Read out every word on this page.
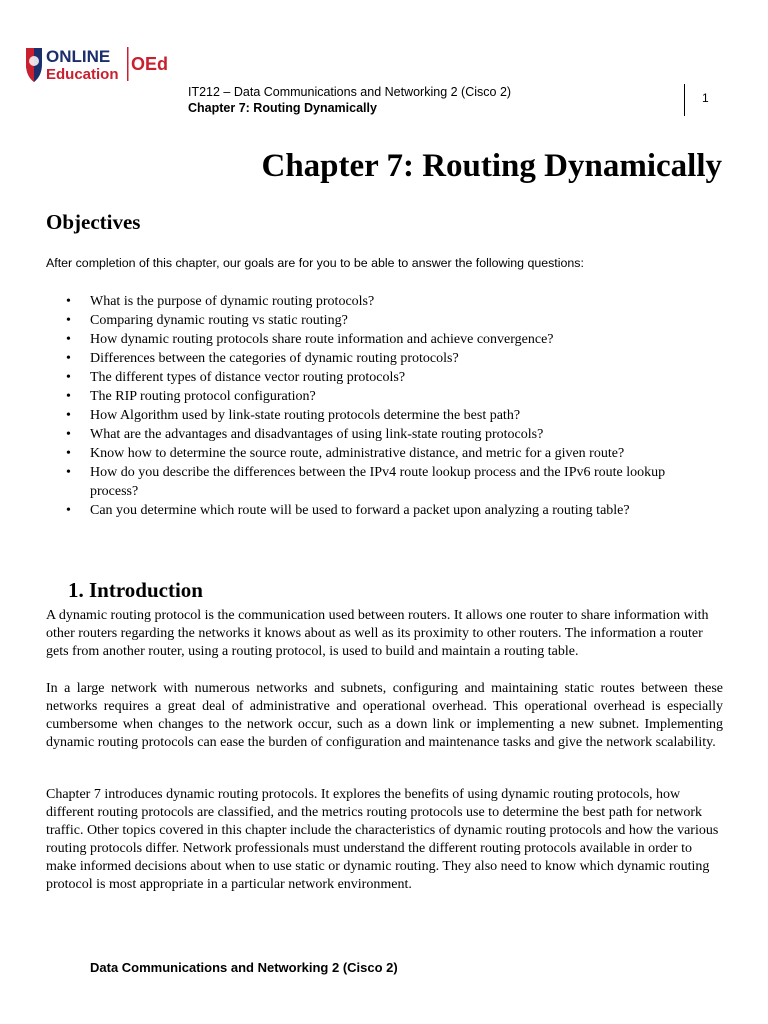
ONLINE
Education
OEd
IT212 – Data Communications and Networking 2 (Cisco 2)
Chapter 7: Routing Dynamically
1
Chapter 7: Routing Dynamically
Objectives
After completion of this chapter, our goals are for you to be able to answer the following questions:
• What is the purpose of dynamic routing protocols?
• Comparing dynamic routing vs static routing?
• How dynamic routing protocols share route information and achieve convergence?
• Differences between the categories of dynamic routing protocols?
• The different types of distance vector routing protocols?
• The RIP routing protocol configuration?
• How Algorithm used by link-state routing protocols determine the best path?
• What are the advantages and disadvantages of using link-state routing protocols?
• Know how to determine the source route, administrative distance, and metric for a given route?
• How do you describe the differences between the IPv4 route lookup process and the IPv6 route lookup process?
• Can you determine which route will be used to forward a packet upon analyzing a routing table?
1. Introduction

A dynamic routing protocol is the communication used between routers. It allows one router to share information with other routers regarding the networks it knows about as well as its proximity to other routers. The information a router gets from another router, using a routing protocol, is used to build and maintain a routing table.

In a large network with numerous networks and subnets, configuring and maintaining static routes between these networks requires a great deal of administrative and operational overhead. This operational overhead is especially cumbersome when changes to the network occur, such as a down link or implementing a new subnet. Implementing dynamic routing protocols can ease the burden of configuration and maintenance tasks and give the network scalability.

Chapter 7 introduces dynamic routing protocols. It explores the benefits of using dynamic routing protocols, how different routing protocols are classified, and the metrics routing protocols use to determine the best path for network traffic. Other topics covered in this chapter include the characteristics of dynamic routing protocols and how the various routing protocols differ. Network professionals must understand the different routing protocols available in order to make informed decisions about when to use static or dynamic routing. They also need to know which dynamic routing protocol is most appropriate in a particular network environment.

Data Communications and Networking 2 (Cisco 2)
